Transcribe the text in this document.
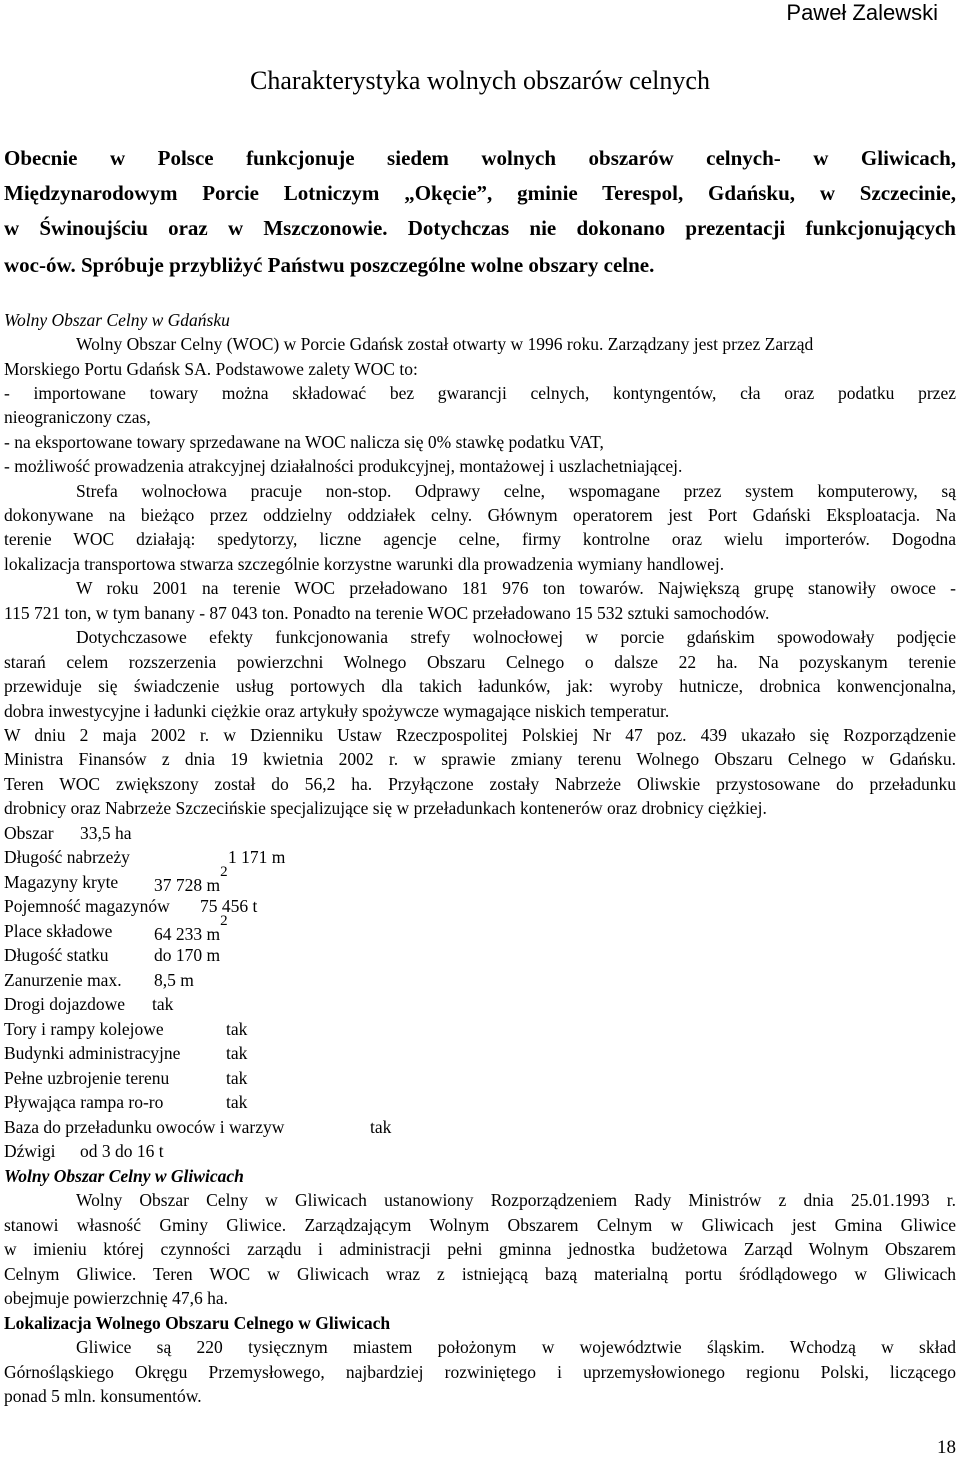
Paweł Zalewski
Charakterystyka wolnych obszarów celnych
Obecnie w Polsce funkcjonuje siedem wolnych obszarów celnych- w Gliwicach,
Międzynarodowym Porcie Lotniczym „Okęcie”, gminie Terespol, Gdańsku, w Szczecinie,
w Świnoujściu oraz w Mszczonowie. Dotychczas nie dokonano prezentacji funkcjonujących
woc-ów. Spróbuje przybliżyć Państwu poszczególne wolne obszary celne.
Wolny Obszar Celny w Gdańsku
Wolny Obszar Celny (WOC) w Porcie Gdańsk został otwarty w 1996 roku. Zarządzany jest przez Zarząd
Morskiego Portu Gdańsk SA. Podstawowe zalety WOC to:
- importowane towary można składować bez gwarancji celnych, kontyngentów, cła oraz podatku przez
nieograniczony czas,
- na eksportowane towary sprzedawane na WOC nalicza się 0% stawkę podatku VAT,
- możliwość prowadzenia atrakcyjnej działalności produkcyjnej, montażowej i uszlachetniającej.
Strefa wolnocłowa pracuje non-stop. Odprawy celne, wspomagane przez system komputerowy, są
dokonywane na bieżąco przez oddzielny oddziałek celny. Głównym operatorem jest Port Gdański Eksploatacja. Na
terenie WOC działają: spedytorzy, liczne agencje celne, firmy kontrolne oraz wielu importerów. Dogodna
lokalizacja transportowa stwarza szczególnie korzystne warunki dla prowadzenia wymiany handlowej.
W roku 2001 na terenie WOC przeładowano 181 976 ton towarów. Największą grupę stanowiły owoce -
115 721 ton, w tym banany - 87 043 ton. Ponadto na terenie WOC przeładowano 15 532 sztuki samochodów.
Dotychczasowe efekty funkcjonowania strefy wolnocłowej w porcie gdańskim spowodowały podjęcie
starań celem rozszerzenia powierzchni Wolnego Obszaru Celnego o dalsze 22 ha. Na pozyskanym terenie
przewiduje się świadczenie usług portowych dla takich ładunków, jak: wyroby hutnicze, drobnica konwencjonalna,
dobra inwestycyjne i ładunki ciężkie oraz artykuły spożywcze wymagające niskich temperatur.
W dniu 2 maja 2002 r. w Dzienniku Ustaw Rzeczpospolitej Polskiej Nr 47 poz. 439 ukazało się Rozporządzenie
Ministra Finansów z dnia 19 kwietnia 2002 r. w sprawie zmiany terenu Wolnego Obszaru Celnego w Gdańsku.
Teren WOC zwiększony został do 56,2 ha. Przyłączone zostały Nabrzeże Oliwskie przystosowane do przeładunku
drobnicy oraz Nabrzeże Szczecińskie specjalizujące się w przeładunkach kontenerów oraz drobnicy ciężkiej.
Obszar 33,5 ha
Długość nabrzeży	1 171 m
Magazyny kryte 37 728 $m^2$
Pojemność magazynów 75 456 t
Place składowe 64 233 $m^2$
Długość statku	do 170 m
Zanurzenie max. 8,5 m
Drogi dojazdowe tak
Tory i rampy kolejowe	tak
Budynki administracyjne	tak
Pełne uzbrojenie terenu	tak
Pływająca rampa ro-ro	tak
Baza do przeładunku owoców i warzyw	tak
Dźwigi od 3 do 16 t
Wolny Obszar Celny w Gliwicach
Wolny Obszar Celny w Gliwicach ustanowiony Rozporządzeniem Rady Ministrów z dnia 25.01.1993 r.
stanowi własność Gminy Gliwice. Zarządzającym Wolnym Obszarem Celnym w Gliwicach jest Gmina Gliwice
w imieniu której czynności zarządu i administracji pełni gminna jednostka budżetowa Zarząd Wolnym Obszarem
Celnym Gliwice. Teren WOC w Gliwicach wraz z istniejącą bazą materialną portu śródlądowego w Gliwicach
obejmuje powierzchnię 47,6 ha.
Lokalizacja Wolnego Obszaru Celnego w Gliwicach
Gliwice są 220 tysięcznym miastem położonym w województwie śląskim. Wchodzą w skład
Górnośląskiego Okręgu Przemysłowego, najbardziej rozwiniętego i uprzemysłowionego regionu Polski, liczącego
ponad 5 mln. konsumentów.
18
